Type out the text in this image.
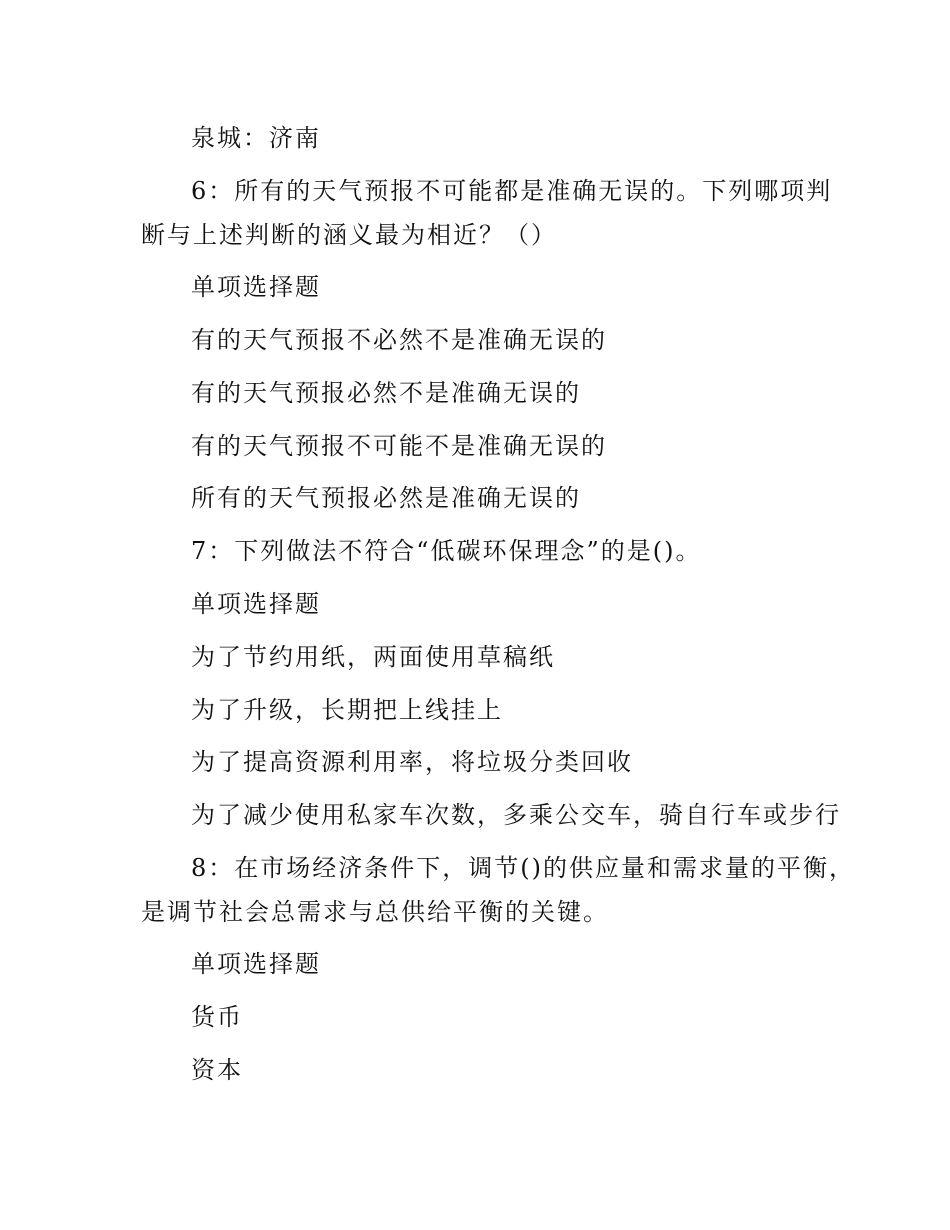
泉城：济南
6：所有的天气预报不可能都是准确无误的。下列哪项判
断与上述判断的涵义最为相近？（）
单项选择题
有的天气预报不必然不是准确无误的
有的天气预报必然不是准确无误的
有的天气预报不可能不是准确无误的
所有的天气预报必然是准确无误的
7：下列做法不符合“低碳环保理念”的是()。
单项选择题
为了节约用纸，两面使用草稿纸
为了升级，长期把上线挂上
为了提高资源利用率，将垃圾分类回收
为了减少使用私家车次数，多乘公交车，骑自行车或步行
8：在市场经济条件下，调节()的供应量和需求量的平衡，
是调节社会总需求与总供给平衡的关键。
单项选择题
货币
资本
